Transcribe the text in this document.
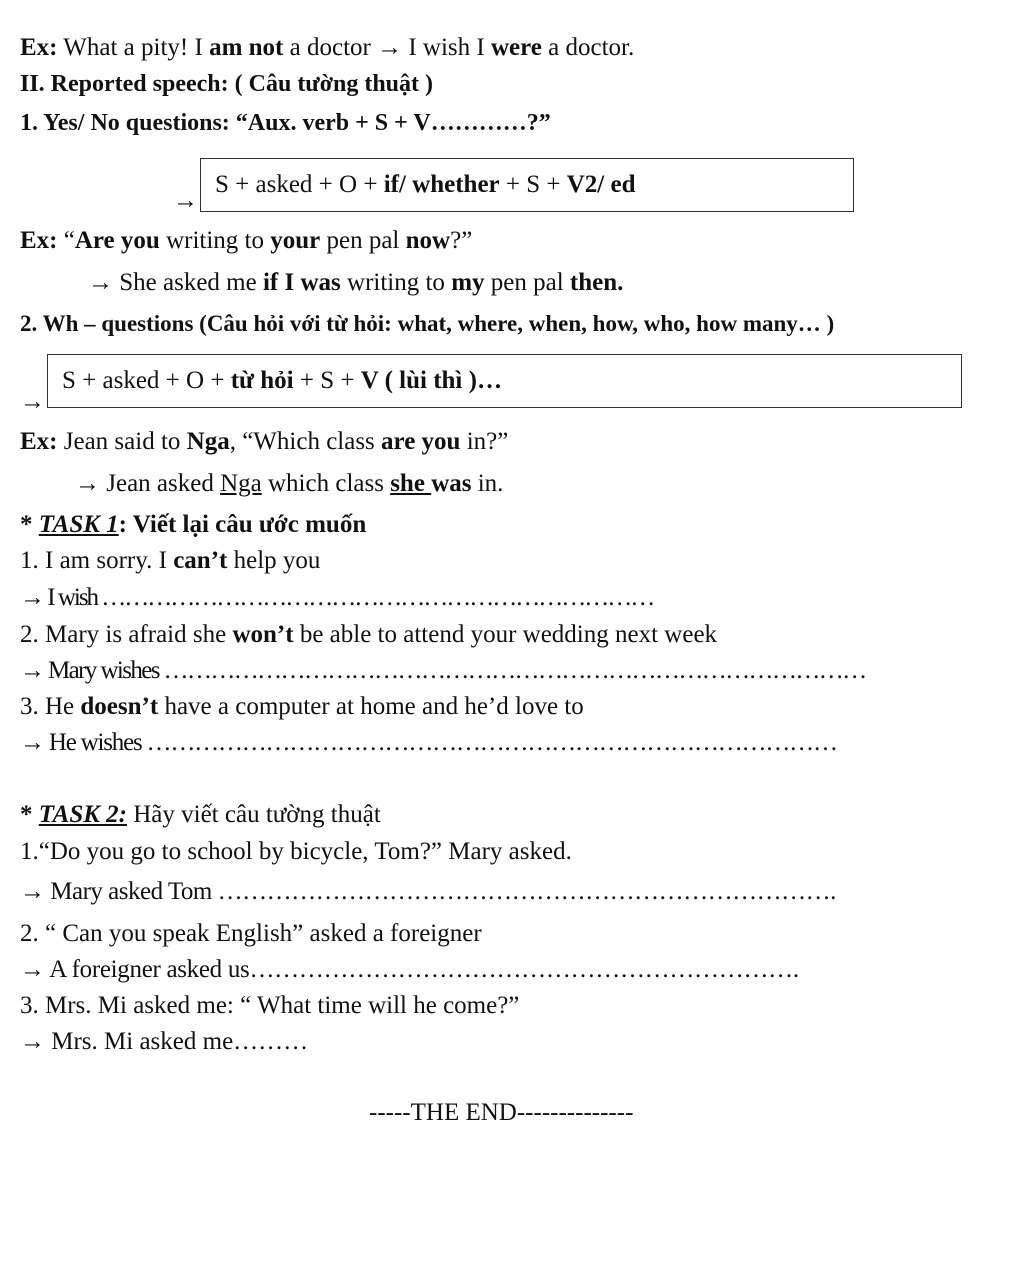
Ex: What a pity! I am not a doctor → I wish I were a doctor.
II. Reported speech: ( Câu tường thuật )
1. Yes/ No questions: “Aux. verb + S + V…………?”
→
S + asked + O + if/ whether + S + V2/ ed
Ex: “Are you writing to your pen pal now?”
→ She asked me if I was writing to my pen pal then.
2. Wh – questions (Câu hỏi với từ hỏi: what, where, when, how, who, how many… )
→
S + asked + O + từ hỏi + S + V ( lùi thì )…
Ex: Jean said to Nga, “Which class are you in?”
→ Jean asked Nga which class she was in.
* TASK 1: Viết lại câu ước muốn
1. I am sorry. I can’t help you
→ I wish ………………………………………………………………
2. Mary is afraid she won’t be able to attend your wedding next week
→ Mary wishes ………………………………………………………………………………
3. He doesn’t have a computer at home and he’d love to
→ He wishes ……………………………………………………………………………
* TASK 2: Hãy viết câu tường thuật
1.“Do you go to school by bicycle, Tom?” Mary asked.
→ Mary asked Tom ………………………………………………………………….
2. “ Can you speak English” asked a foreigner
→ A foreigner asked us………………………………………………………….
3. Mrs. Mi asked me: “ What time will he come?”
→ Mrs. Mi asked me………
-----THE END--------------
